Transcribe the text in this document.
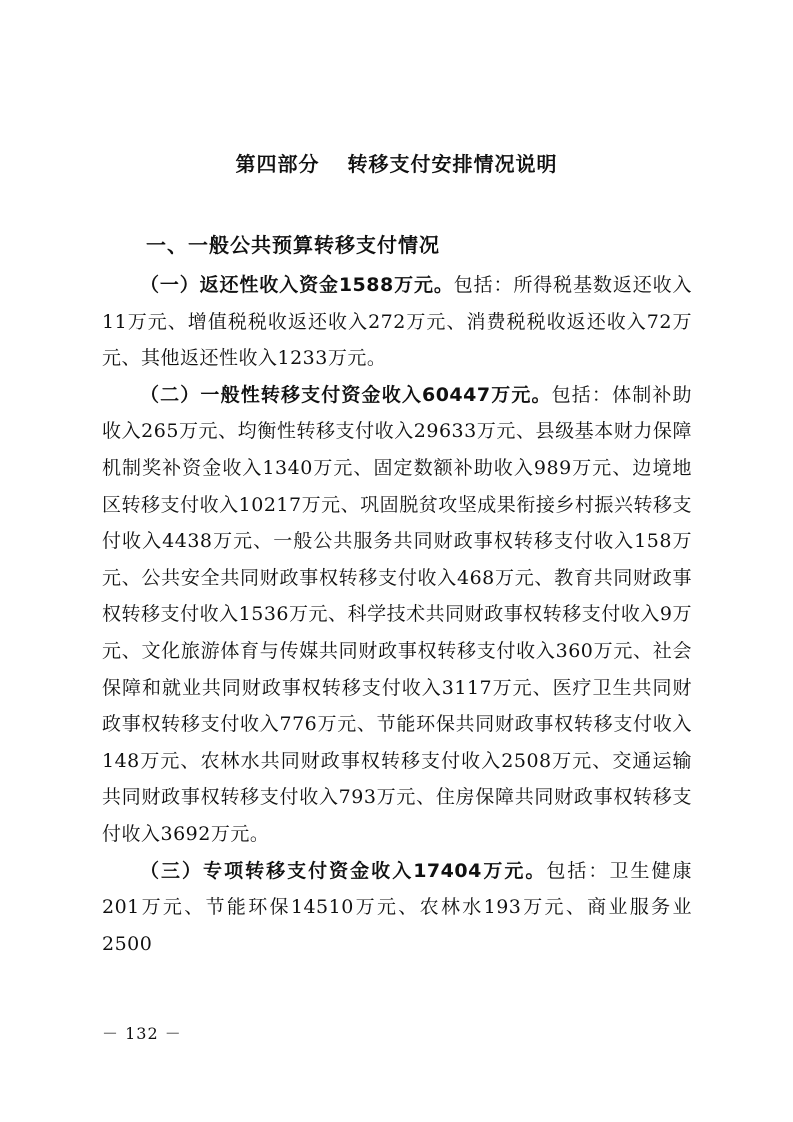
第四部分 转移支付安排情况说明
一、一般公共预算转移支付情况

（一）返还性收入资金1588万元。包括：所得税基数返还收入11万元、增值税税收返还收入272万元、消费税税收返还收入72万元、其他返还性收入1233万元。

（二）一般性转移支付资金收入60447万元。包括：体制补助收入265万元、均衡性转移支付收入29633万元、县级基本财力保障机制奖补资金收入1340万元、固定数额补助收入989万元、边境地区转移支付收入10217万元、巩固脱贫攻坚成果衔接乡村振兴转移支付收入4438万元、一般公共服务共同财政事权转移支付收入158万元、公共安全共同财政事权转移支付收入468万元、教育共同财政事权转移支付收入1536万元、科学技术共同财政事权转移支付收入9万元、文化旅游体育与传媒共同财政事权转移支付收入360万元、社会保障和就业共同财政事权转移支付收入3117万元、医疗卫生共同财政事权转移支付收入776万元、节能环保共同财政事权转移支付收入148万元、农林水共同财政事权转移支付收入2508万元、交通运输共同财政事权转移支付收入793万元、住房保障共同财政事权转移支付收入3692万元。

（三）专项转移支付资金收入17404万元。包括：卫生健康201万元、节能环保14510万元、农林水193万元、商业服务业2500

－ 132 －
